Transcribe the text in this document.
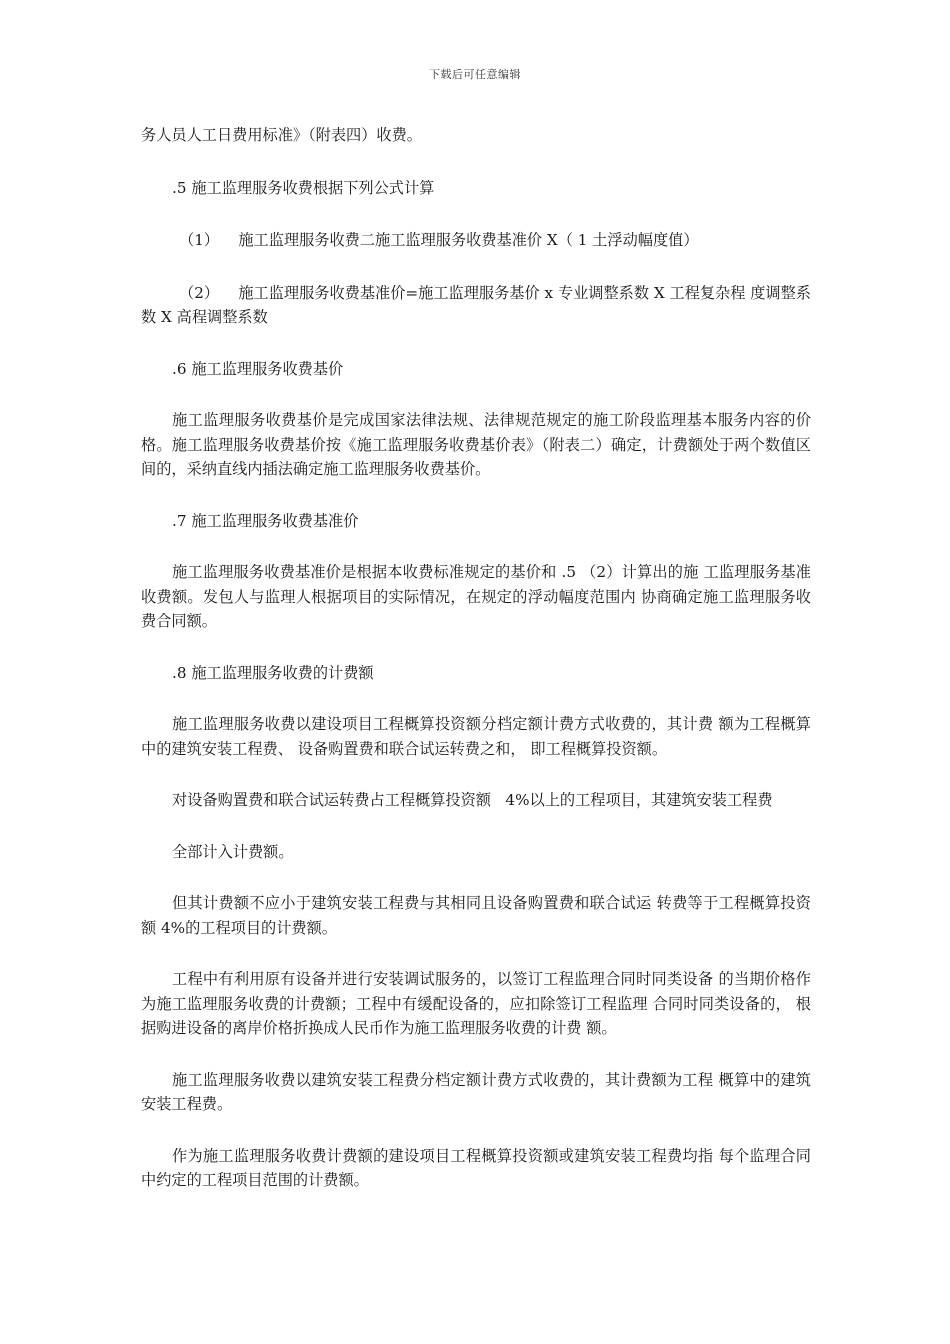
下载后可任意编辑

务人员人工日费用标准》（附表四）收费。

.5 施工监理服务收费根据下列公式计算

（1）    施工监理服务收费二施工监理服务收费基准价 X（ 1 土浮动幅度值）

（2）    施工监理服务收费基准价=施工监理服务基价 x 专业调整系数 X 工程复杂程 度调整系数 X 高程调整系数

.6 施工监理服务收费基价

施工监理服务收费基价是完成国家法律法规、法律规范规定的施工阶段监理基本服务内容的价格。施工监理服务收费基价按《施工监理服务收费基价表》（附表二）确定，计费额处于两个数值区间的，采纳直线内插法确定施工监理服务收费基价。

.7 施工监理服务收费基准价

施工监理服务收费基准价是根据本收费标准规定的基价和 .5 （2）计算出的施 工监理服务基准收费额。发包人与监理人根据项目的实际情况，在规定的浮动幅度范围内 协商确定施工监理服务收费合同额。

.8 施工监理服务收费的计费额

施工监理服务收费以建设项目工程概算投资额分档定额计费方式收费的，其计费 额为工程概算中的建筑安装工程费、 设备购置费和联合试运转费之和， 即工程概算投资额。

对设备购置费和联合试运转费占工程概算投资额   4%以上的工程项目，其建筑安装工程费

全部计入计费额。

但其计费额不应小于建筑安装工程费与其相同且设备购置费和联合试运 转费等于工程概算投资额 4%的工程项目的计费额。

工程中有利用原有设备并进行安装调试服务的，以签订工程监理合同时同类设备 的当期价格作为施工监理服务收费的计费额；工程中有缓配设备的，应扣除签订工程监理 合同时同类设备的， 根据购进设备的离岸价格折换成人民币作为施工监理服务收费的计费 额。

施工监理服务收费以建筑安装工程费分档定额计费方式收费的，其计费额为工程 概算中的建筑安装工程费。

作为施工监理服务收费计费额的建设项目工程概算投资额或建筑安装工程费均指 每个监理合同中约定的工程项目范围的计费额。
